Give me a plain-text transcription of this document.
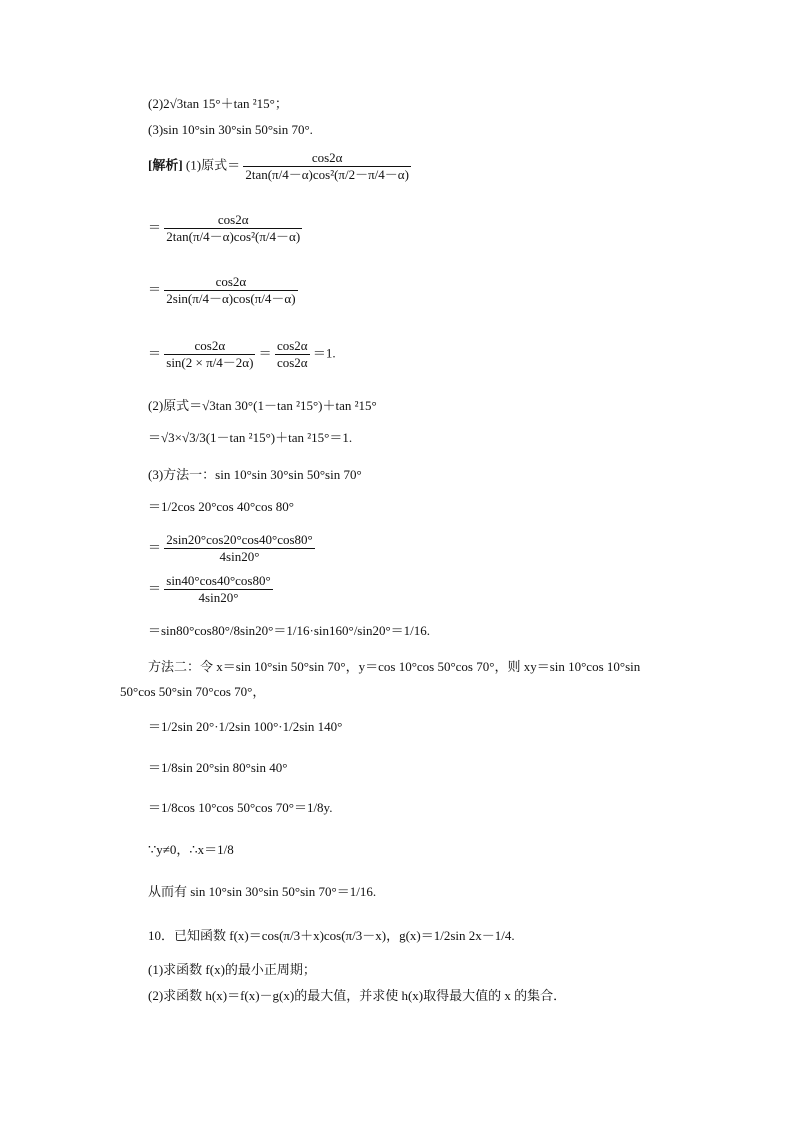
(2)2√3tan 15°＋tan ²15°；
(3)sin 10°sin 30°sin 50°sin 70°.
[解析] (1)原式＝ $\frac{\cos 2\alpha}{\text{2tan(π/4－α)cos²(π/2－π/4－α)}}$
＝ $\frac{\cos 2\alpha}{\text{2tan(π/4－α)cos²(π/4－α)}}$
＝ $\frac{\cos 2\alpha}{2\sin(\pi/4-\alpha)\cos(\pi/4-\alpha)}$
＝ $\frac{\cos 2\alpha}{\sin(2 \times \pi/4-2\alpha)} = \frac{\cos 2\alpha}{\cos 2\alpha} =1$.
(2)原式＝√3tan 30°(1－tan ²15°)＋tan ²15°
＝√3×√3/3(1－tan ²15°)＋tan ²15°＝1.
(3)方法一：sin 10°sin 30°sin 50°sin 70°
＝1/2cos 20°cos 40°cos 80°
＝ $\frac{2\sin 20^\circ\cos 20^\circ\cos 40^\circ\cos 80^\circ}{4\sin 20^\circ}$
＝ $\frac{\sin 40^\circ\cos 40^\circ\cos 80^\circ}{4\sin 20^\circ}$
＝sin80°cos80°/8sin20°＝1/16·sin160°/sin20°＝1/16.
方法二：令 x＝sin 10°sin 50°sin 70°，y＝cos 10°cos 50°cos 70°，则 xy＝sin 10°cos 10°sin
50°cos 50°sin 70°cos 70°，
＝1/2sin 20°·1/2sin 100°·1/2sin 140°
＝1/8sin 20°sin 80°sin 40°
＝1/8cos 10°cos 50°cos 70°＝1/8y.
∵y≠0，∴x＝1/8
从而有 sin 10°sin 30°sin 50°sin 70°＝1/16.
10．已知函数 f(x)＝cos(π/3＋x)cos(π/3－x)，g(x)＝1/2sin 2x－1/4.
(1)求函数 f(x)的最小正周期；
(2)求函数 h(x)＝f(x)－g(x)的最大值，并求使 h(x)取得最大值的 x 的集合．
